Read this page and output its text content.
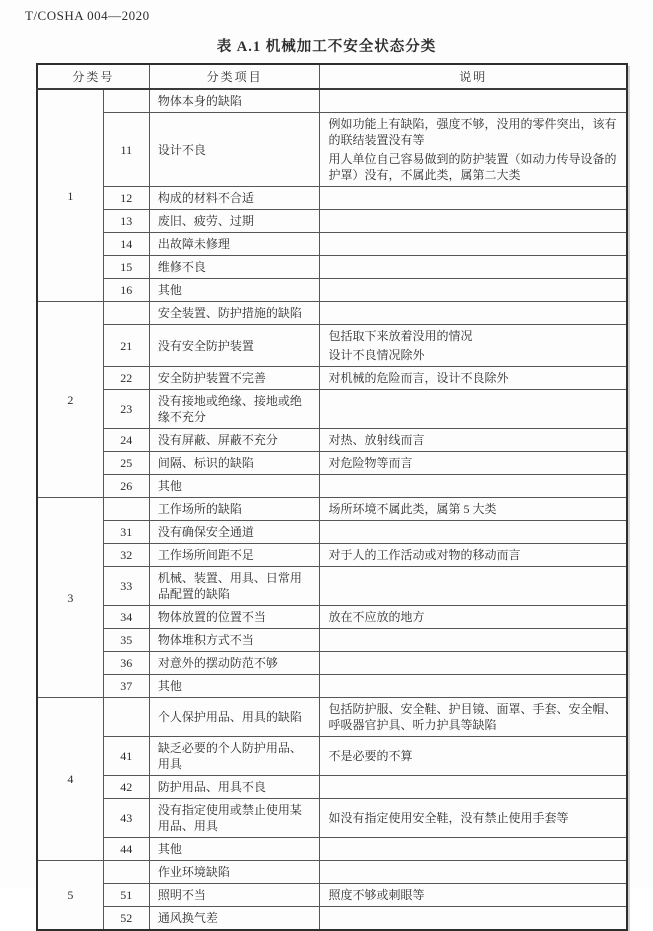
T/COSHA 004—2020
表 A.1 机械加工不安全状态分类
分类号		分类项目	说明
1		物体本身的缺陷	
	11	设计不良	例如功能上有缺陷，强度不够，没用的零件突出，该有的联结装置没有等
用人单位自己容易做到的防护装置（如动力传导设备的护罩）没有，不属此类，属第二大类

	12	构成的材料不合适	
	13	废旧、疲劳、过期	
	14	出故障未修理	
	15	维修不良	
	16	其他	
2		安全装置、防护措施的缺陷	
	21	没有安全防护装置	包括取下来放着没用的情况
设计不良情况除外

	22	安全防护装置不完善	对机械的危险而言，设计不良除外

	23	没有接地或绝缘、接地或绝缘不充分	
	24	没有屏蔽、屏蔽不充分	对热、放射线而言

	25	间隔、标识的缺陷	对危险物等而言

	26	其他	
3		工作场所的缺陷	场所环境不属此类，属第 5 大类

	31	没有确保安全通道	
	32	工作场所间距不足	对于人的工作活动或对物的移动而言

	33	机械、装置、用具、日常用品配置的缺陷	
	34	物体放置的位置不当	放在不应放的地方

	35	物体堆积方式不当	
	36	对意外的摆动防范不够	
	37	其他	
4		个人保护用品、用具的缺陷	包括防护服、安全鞋、护目镜、面罩、手套、安全帽、呼吸器官护具、听力护具等缺陷

	41	缺乏必要的个人防护用品、用具	不是必要的不算

	42	防护用品、用具不良	
	43	没有指定使用或禁止使用某用品、用具	如没有指定使用安全鞋，没有禁止使用手套等

	44	其他	
5		作业环境缺陷	
	51	照明不当	照度不够或刺眼等

	52	通风换气差	
